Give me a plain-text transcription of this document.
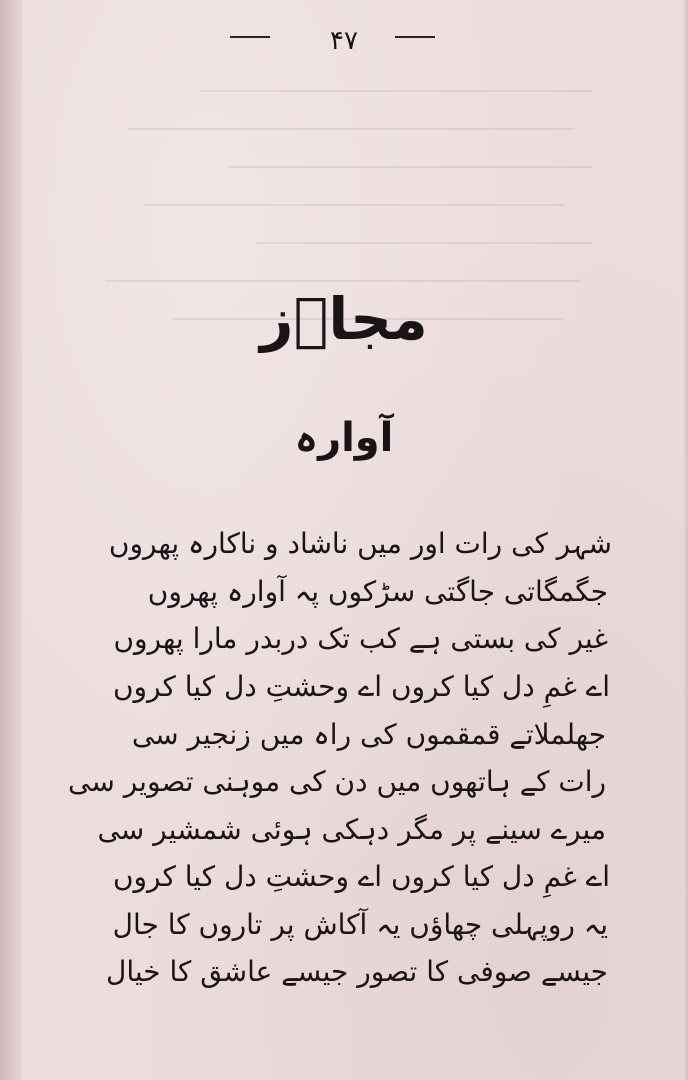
۴۷
مجاؔز
آوارہ
شہر کی رات اور میں ناشاد و ناکارہ پھروں
جگمگاتی جاگتی سڑکوں پہ آوارہ پھروں
غیر کی بستی ہے کب تک دربدر مارا پھروں
اے غمِ دل کیا کروں اے وحشتِ دل کیا کروں
جھلملاتے قمقموں کی راہ میں زنجیر سی
رات کے ہاتھوں میں دن کی موہنی تصویر سی
میرے سینے پر مگر دہکی ہوئی شمشیر سی
اے غمِ دل کیا کروں اے وحشتِ دل کیا کروں
یہ روپہلی چھاؤں یہ آکاش پر تاروں کا جال
جیسے صوفی کا تصور جیسے عاشق کا خیال
